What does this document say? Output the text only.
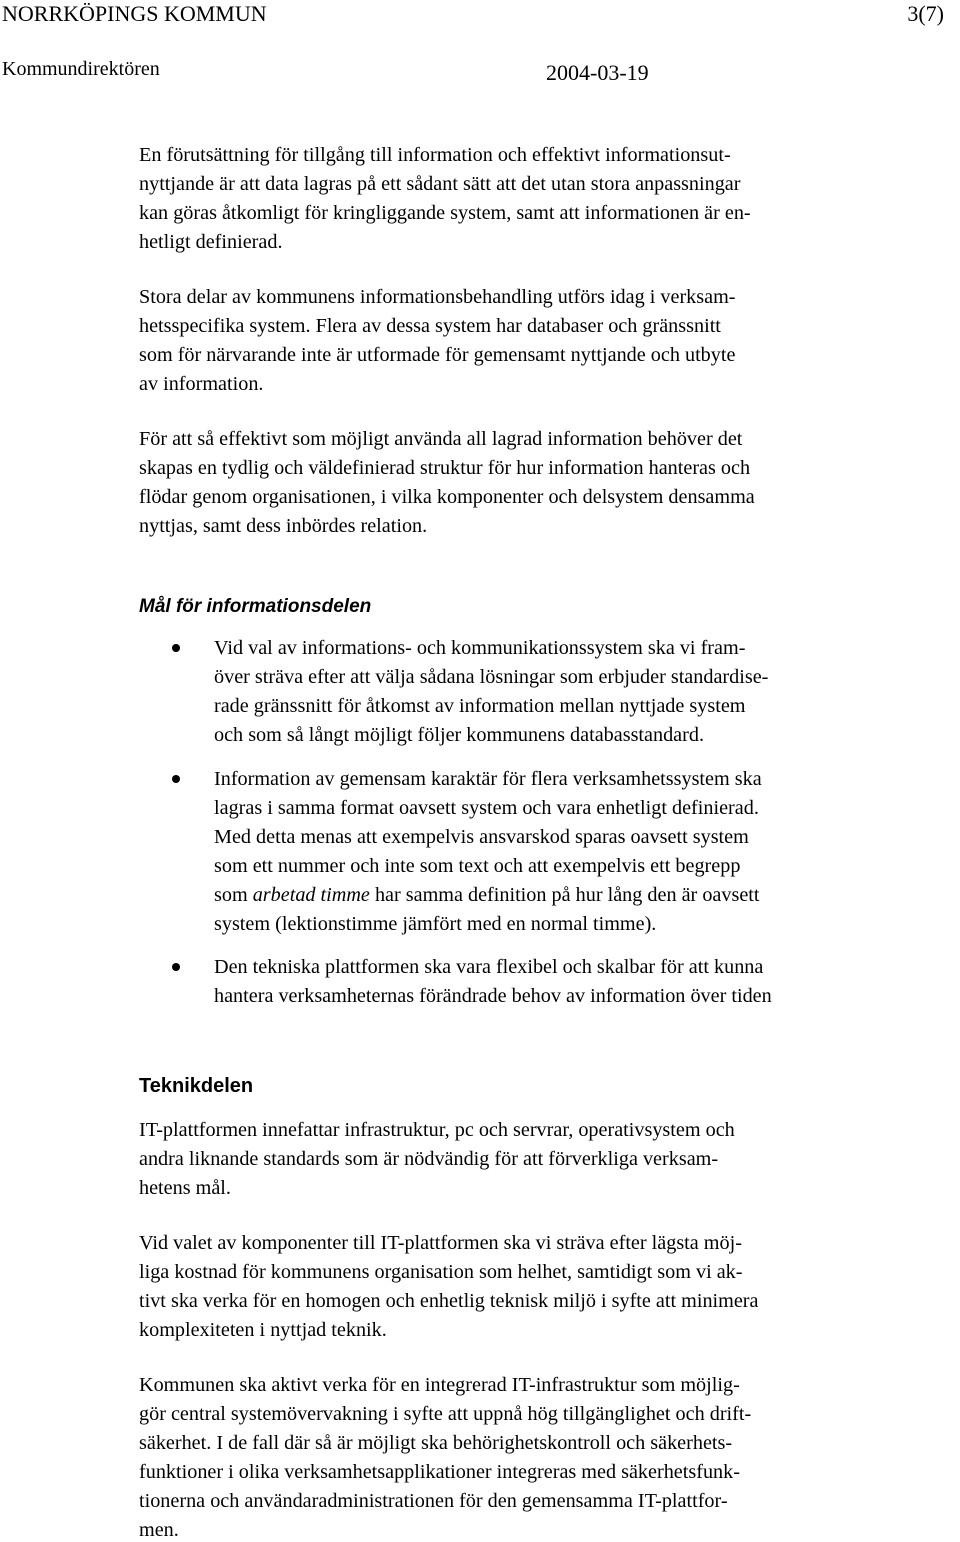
NORRKÖPINGS KOMMUN	3(7)
Kommundirektören	2004-03-19
En förutsättning för tillgång till information och effektivt informationsut-
nyttjande är att data lagras på ett sådant sätt att det utan stora anpassningar
kan göras åtkomligt för kringliggande system, samt att informationen är en-
hetligt definierad.
Stora delar av kommunens informationsbehandling utförs idag i verksam-
hetsspecifika system. Flera av dessa system har databaser och gränssnitt
som för närvarande inte är utformade för gemensamt nyttjande och utbyte
av information.
För att så effektivt som möjligt använda all lagrad information behöver det
skapas en tydlig och väldefinierad struktur för hur information hanteras och
flödar genom organisationen, i vilka komponenter och delsystem densamma
nyttjas, samt dess inbördes relation.
Mål för informationsdelen
Vid val av informations- och kommunikationssystem ska vi fram-
över sträva efter att välja sådana lösningar som erbjuder standardise-
rade gränssnitt för åtkomst av information mellan nyttjade system
och som så långt möjligt följer kommunens databasstandard.
Information av gemensam karaktär för flera verksamhetssystem ska
lagras i samma format oavsett system och vara enhetligt definierad.
Med detta menas att exempelvis ansvarskod sparas oavsett system
som ett nummer och inte som text och att exempelvis ett begrepp
som arbetad timme har samma definition på hur lång den är oavsett
system (lektionstimme jämfört med en normal timme).
Den tekniska plattformen ska vara flexibel och skalbar för att kunna
hantera verksamheternas förändrade behov av information över tiden
Teknikdelen
IT-plattformen innefattar infrastruktur, pc och servrar, operativsystem och
andra liknande standards som är nödvändig för att förverkliga verksam-
hetens mål.
Vid valet av komponenter till IT-plattformen ska vi sträva efter lägsta möj-
liga kostnad för kommunens organisation som helhet, samtidigt som vi ak-
tivt ska verka för en homogen och enhetlig teknisk miljö i syfte att minimera
komplexiteten i nyttjad teknik.
Kommunen ska aktivt verka för en integrerad IT-infrastruktur som möjlig-
gör central systemövervakning i syfte att uppnå hög tillgänglighet och drift-
säkerhet. I de fall där så är möjligt ska behörighetskontroll och säkerhets-
funktioner i olika verksamhetsapplikationer integreras med säkerhetsfunk-
tionerna och användaradministrationen för den gemensamma IT-plattfor-
men.
